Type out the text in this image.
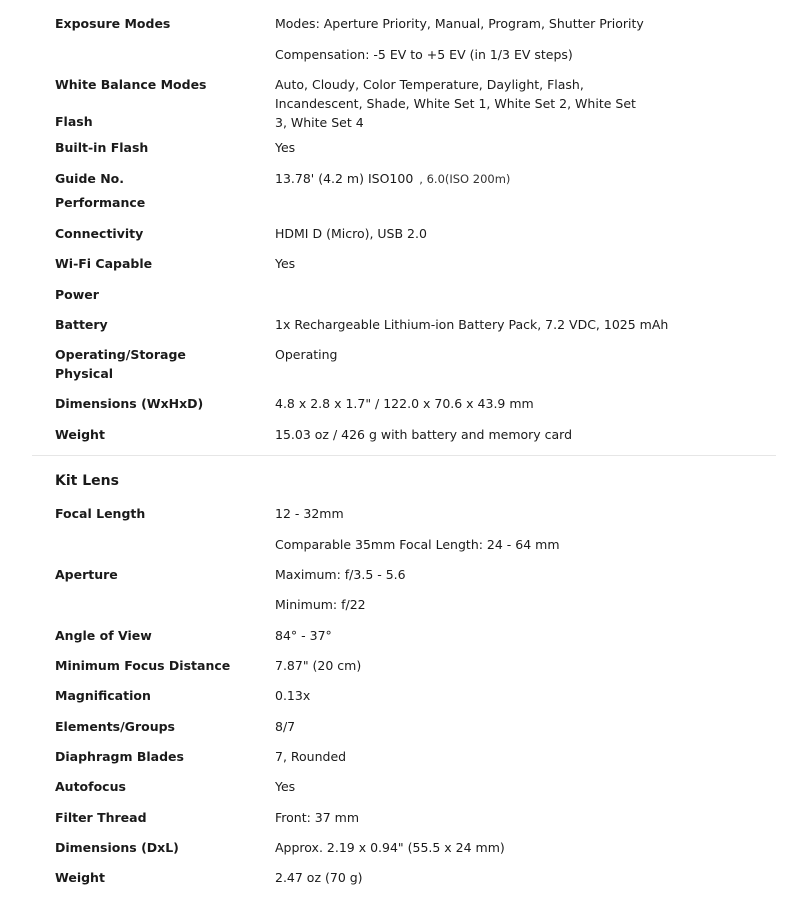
Exposure Modes	Modes: Aperture Priority, Manual, Program, Shutter Priority
Compensation: -5 EV to +5 EV (in 1/3 EV steps)
White Balance Modes	Auto, Cloudy, Color Temperature, Daylight, Flash, Incandescent, Shade, White Set 1, White Set 2, White Set 3, White Set 4
Flash
Built-in Flash	Yes
Guide No.	13.78' (4.2 m) ISO100 , 6.0(ISO 200m)
Performance
Connectivity	HDMI D (Micro), USB 2.0
Wi-Fi Capable	Yes
Power
Battery	1x Rechargeable Lithium-ion Battery Pack, 7.2 VDC, 1025 mAh
Operating/Storage	Operating
Physical
Dimensions (WxHxD)	4.8 x 2.8 x 1.7" / 122.0 x 70.6 x 43.9 mm
Weight	15.03 oz / 426 g with battery and memory card
Kit Lens
Focal Length	12 - 32mm
Comparable 35mm Focal Length: 24 - 64 mm
Aperture	Maximum: f/3.5 - 5.6
Minimum: f/22
Angle of View	84° - 37°
Minimum Focus Distance	7.87" (20 cm)
Magnification	0.13x
Elements/Groups	8/7
Diaphragm Blades	7, Rounded
Autofocus	Yes
Filter Thread	Front: 37 mm
Dimensions (DxL)	Approx. 2.19 x 0.94" (55.5 x 24 mm)
Weight	2.47 oz (70 g)
